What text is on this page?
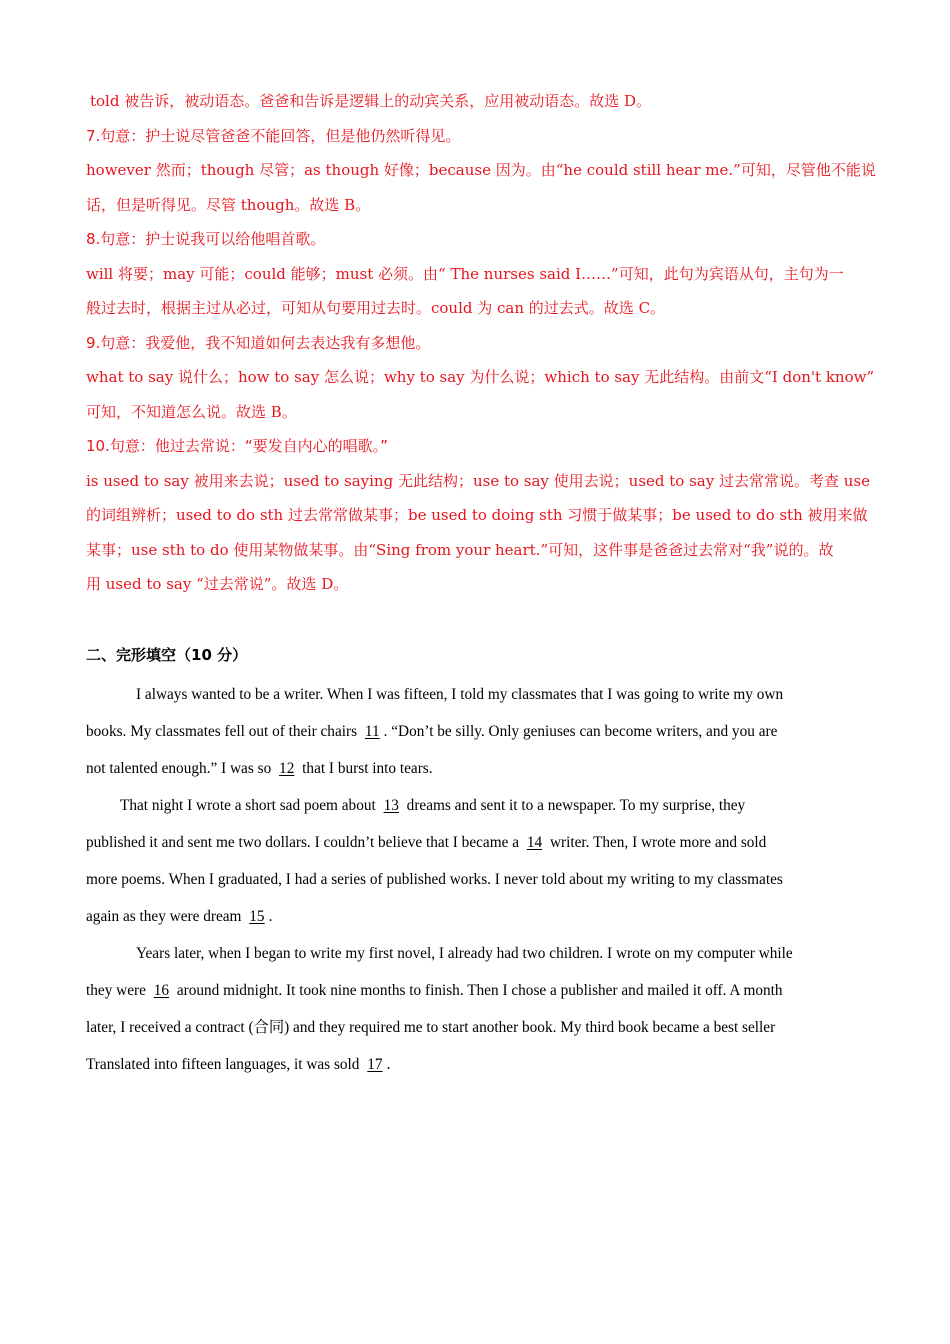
told 被告诉，被动语态。爸爸和告诉是逻辑上的动宾关系，应用被动语态。故选 D。
7.句意：护士说尽管爸爸不能回答，但是他仍然听得见。
however 然而；though 尽管；as though 好像；because 因为。由“he could still hear me.”可知，尽管他不能说
话，但是听得见。尽管 though。故选 B。
8.句意：护士说我可以给他唱首歌。
will 将要；may 可能；could 能够；must 必须。由“ The nurses said I……”可知，此句为宾语从句，主句为一
般过去时，根据主过从必过，可知从句要用过去时。could 为 can 的过去式。故选 C。
9.句意：我爱他，我不知道如何去表达我有多想他。
what to say 说什么；how to say 怎么说；why to say 为什么说；which to say 无此结构。由前文“I don't know”
可知，不知道怎么说。故选 B。
10.句意：他过去常说：“要发自内心的唱歌。”
is used to say 被用来去说；used to saying 无此结构；use to say 使用去说；used to say 过去常常说。考查 use
的词组辨析；used to do sth 过去常常做某事；be used to doing sth 习惯于做某事；be used to do sth 被用来做
某事；use sth to do 使用某物做某事。由“Sing from your heart.”可知，这件事是爸爸过去常对“我”说的。故
用 used to say “过去常说”。故选 D。
二、完形填空（10 分）
I always wanted to be a writer. When I was fifteen, I told my classmates that I was going to write my own
books. My classmates fell out of their chairs 11 . “Don’t be silly. Only geniuses can become writers, and you are
not talented enough.” I was so 12 that I burst into tears.
That night I wrote a short sad poem about 13 dreams and sent it to a newspaper. To my surprise, they
published it and sent me two dollars. I couldn’t believe that I became a 14 writer. Then, I wrote more and sold
more poems. When I graduated, I had a series of published works. I never told about my writing to my classmates
again as they were dream 15 .
Years later, when I began to write my first novel, I already had two children. I wrote on my computer while
they were 16 around midnight. It took nine months to finish. Then I chose a publisher and mailed it off. A month
later, I received a contract (合同) and they required me to start another book. My third book became a best seller
Translated into fifteen languages, it was sold 17 .
